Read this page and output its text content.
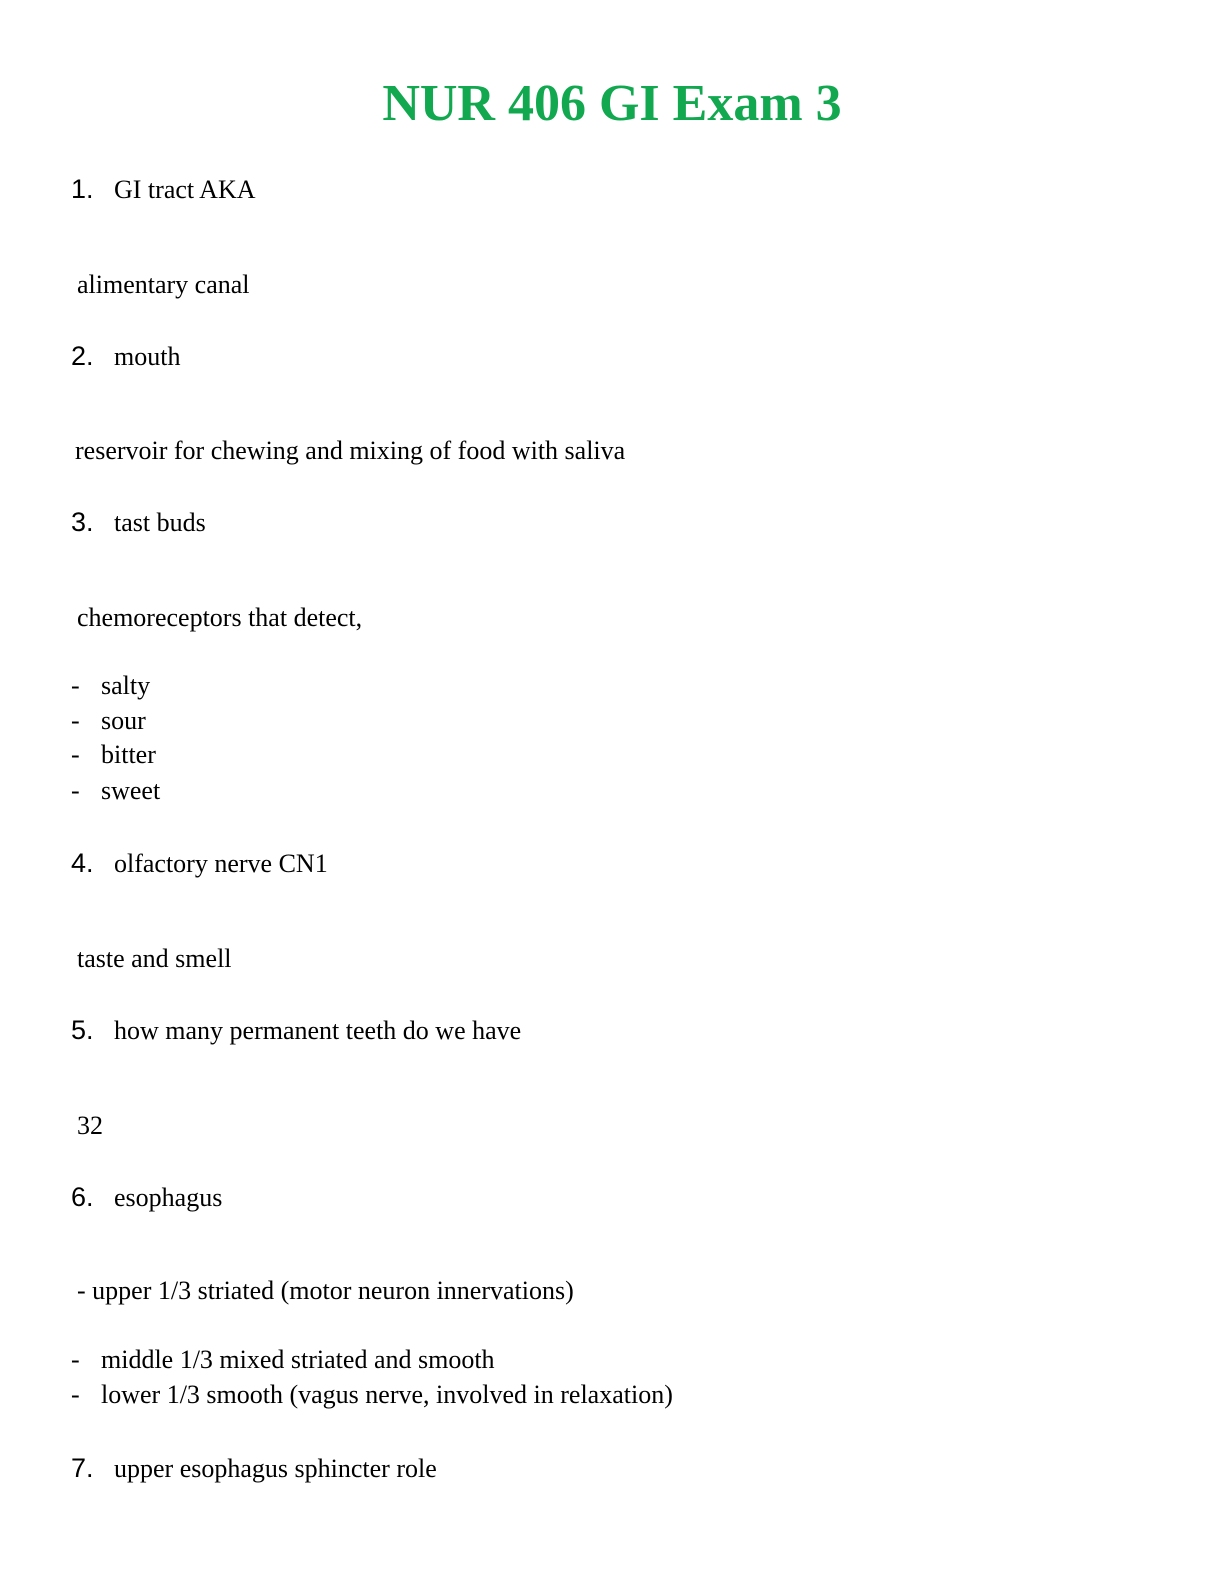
NUR 406 GI Exam 3
1. GI tract AKA
alimentary canal
2. mouth
reservoir for chewing and mixing of food with saliva
3. tast buds
chemoreceptors that detect,
- salty
- sour
- bitter
- sweet
4. olfactory nerve CN1
taste and smell
5. how many permanent teeth do we have
32
6. esophagus
- upper 1/3 striated (motor neuron innervations)
- middle 1/3 mixed striated and smooth
- lower 1/3 smooth (vagus nerve, involved in relaxation)
7. upper esophagus sphincter role
